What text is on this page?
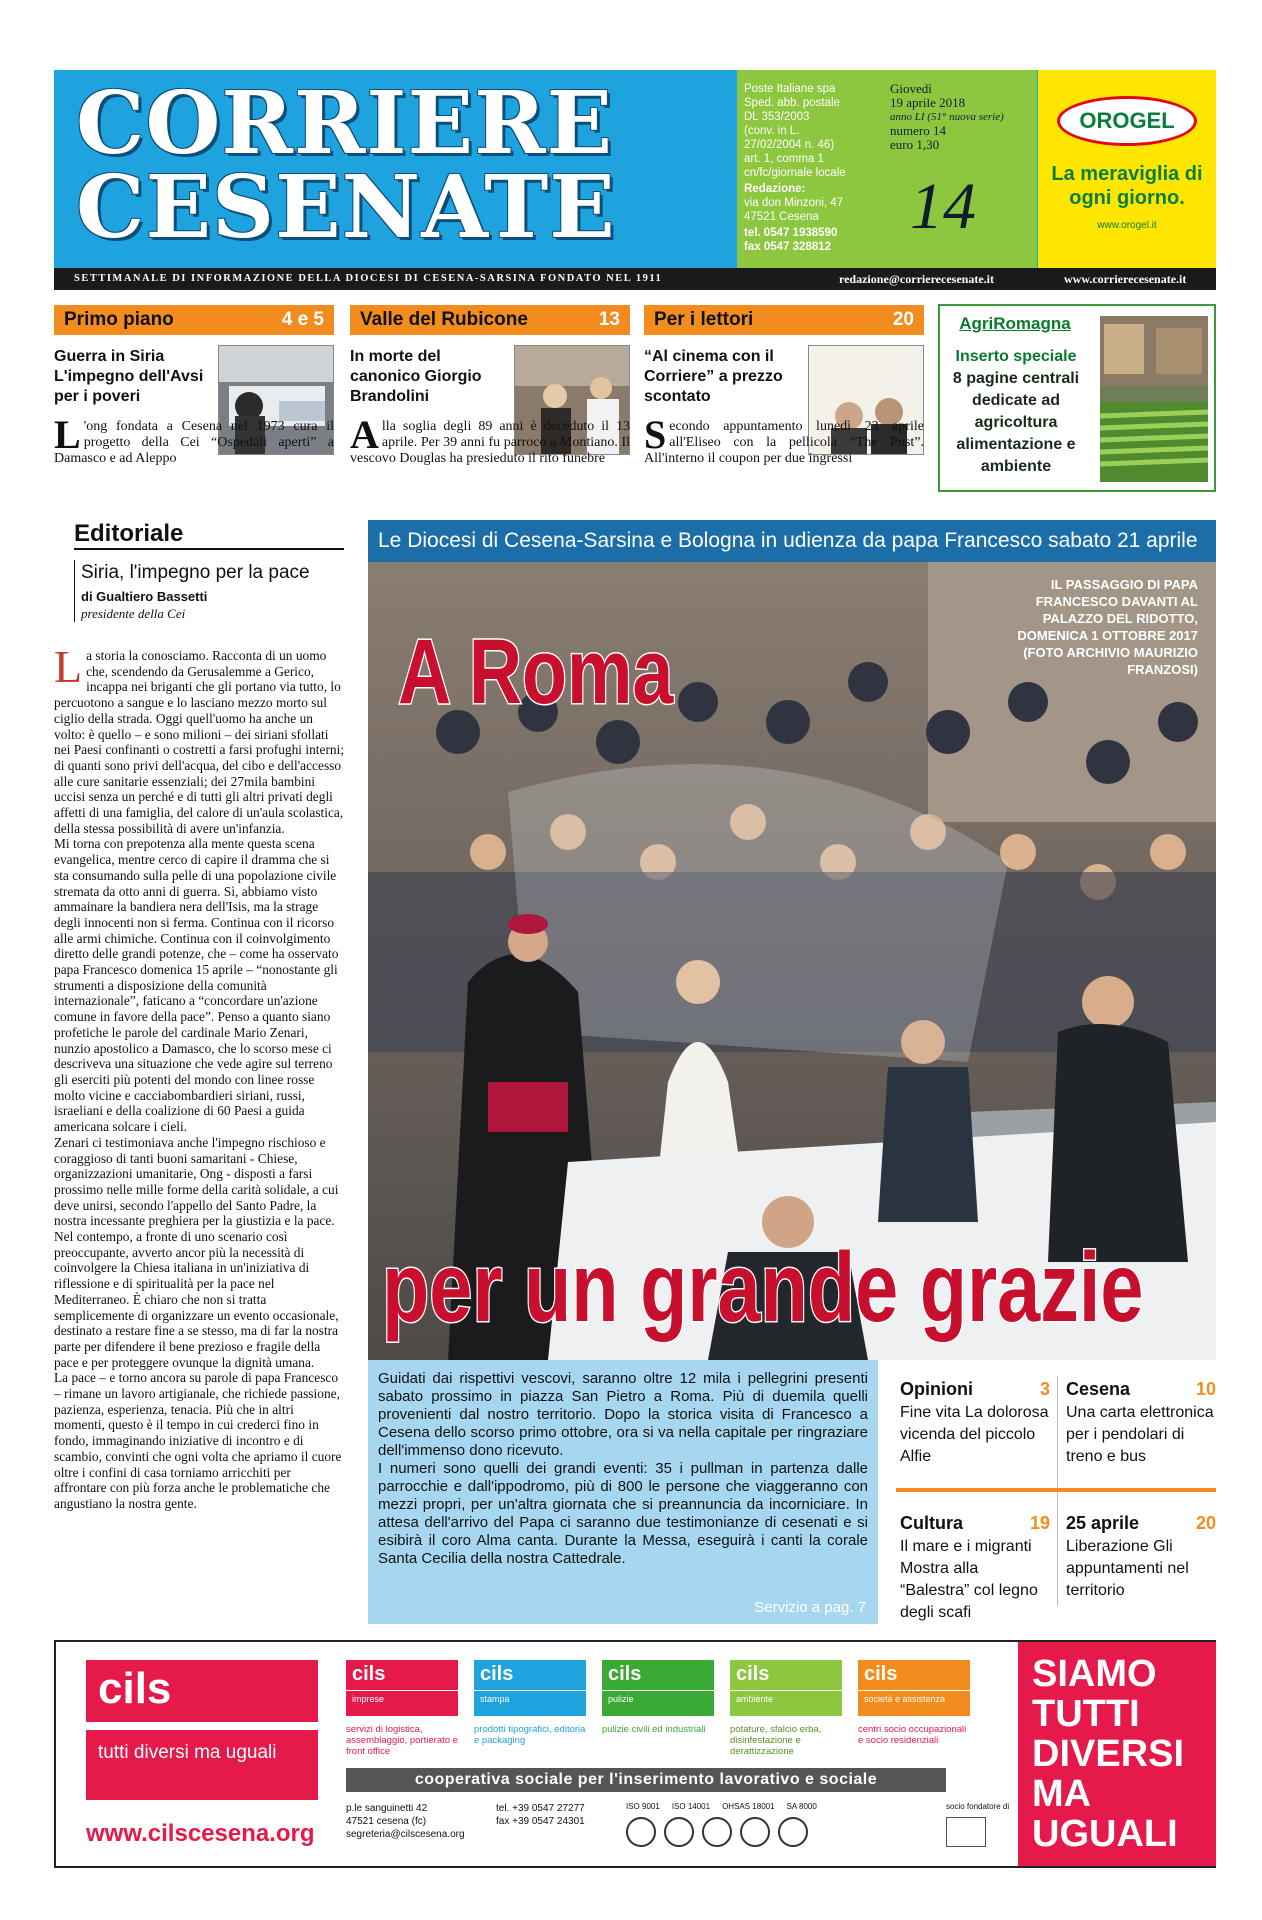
CORRIERE
CESENATE
Poste Italiane spa
Sped. abb. postale
DL 353/2003
(conv. in L.
27/02/2004 n. 46)
art. 1, comma 1
cn/fc/giornale locale
Redazione:
via don Minzoni, 47
47521 Cesena
tel. 0547 1938590
fax 0547 328812
Giovedì
19 aprile 2018
anno LI (51° nuova serie)
numero 14
euro 1,30
14
OROGEL
La meraviglia di ogni giorno.
www.orogel.it
SETTIMANALE DI INFORMAZIONE DELLA DIOCESI DI CESENA-SARSINA FONDATO NEL 1911	redazione@corrierecesenate.it	www.corrierecesenate.it
Primo piano	4 e 5
Guerra in Siria L'impegno dell'Avsi per i poveri
L 'ong fondata a Cesena nel 1973 cura il progetto della Cei “Ospedali aperti” a Damasco e ad Aleppo
Valle del Rubicone	13
In morte del canonico Giorgio Brandolini
Alla soglia degli 89 anni è deceduto il 13 aprile. Per 39 anni fu parroco a Montiano. Il vescovo Douglas ha presieduto il rito funebre
Per i lettori	20
“Al cinema con il Corriere” a prezzo scontato
Secondo appuntamento lunedì 23 aprile all'Eliseo con la pellicola “The Post”. All'interno il coupon per due ingressi
AgriRomagna
Inserto speciale
8 pagine centrali dedicate ad agricoltura alimentazione e ambiente
Editoriale
Siria, l'impegno per la pace
di Gualtiero Bassetti
presidente della Cei

La storia la conosciamo. Racconta di un uomo che, scendendo da Gerusalemme a Gerico, incappa nei briganti che gli portano via tutto, lo percuotono a sangue e lo lasciano mezzo morto sul ciglio della strada. Oggi quell'uomo ha anche un volto: è quello – e sono milioni – dei siriani sfollati nei Paesi confinanti o costretti a farsi profughi interni; di quanti sono privi dell'acqua, del cibo e dell'accesso alle cure sanitarie essenziali; dei 27mila bambini uccisi senza un perché e di tutti gli altri privati degli affetti di una famiglia, del calore di un'aula scolastica, della stessa possibilità di avere un'infanzia.

Mi torna con prepotenza alla mente questa scena evangelica, mentre cerco di capire il dramma che si sta consumando sulla pelle di una popolazione civile stremata da otto anni di guerra. Sì, abbiamo visto ammainare la bandiera nera dell'Isis, ma la strage degli innocenti non si ferma. Continua con il ricorso alle armi chimiche. Continua con il coinvolgimento diretto delle grandi potenze, che – come ha osservato papa Francesco domenica 15 aprile – “nonostante gli strumenti a disposizione della comunità internazionale”, faticano a “concordare un'azione comune in favore della pace”. Penso a quanto siano profetiche le parole del cardinale Mario Zenari, nunzio apostolico a Damasco, che lo scorso mese ci descriveva una situazione che vede agire sul terreno gli eserciti più potenti del mondo con linee rosse molto vicine e cacciabombardieri siriani, russi, israeliani e della coalizione di 60 Paesi a guida americana solcare i cieli.

Zenari ci testimoniava anche l'impegno rischioso e coraggioso di tanti buoni samaritani - Chiese, organizzazioni umanitarie, Ong - disposti a farsi prossimo nelle mille forme della carità solidale, a cui deve unirsi, secondo l'appello del Santo Padre, la nostra incessante preghiera per la giustizia e la pace.

Nel contempo, a fronte di uno scenario così preoccupante, avverto ancor più la necessità di coinvolgere la Chiesa italiana in un'iniziativa di riflessione e di spiritualità per la pace nel Mediterraneo. È chiaro che non si tratta semplicemente di organizzare un evento occasionale, destinato a restare fine a se stesso, ma di far la nostra parte per difendere il bene prezioso e fragile della pace e per proteggere ovunque la dignità umana.

La pace – e torno ancora su parole di papa Francesco – rimane un lavoro artigianale, che richiede passione, pazienza, esperienza, tenacia. Più che in altri momenti, questo è il tempo in cui crederci fino in fondo, immaginando iniziative di incontro e di scambio, convinti che ogni volta che apriamo il cuore oltre i confini di casa torniamo arricchiti per affrontare con più forza anche le problematiche che angustiano la nostra gente.

Le Diocesi di Cesena-Sarsina e Bologna in udienza da papa Francesco sabato 21 aprile
A Roma
IL PASSAGGIO DI PAPA FRANCESCO DAVANTI AL PALAZZO DEL RIDOTTO, DOMENICA 1 OTTOBRE 2017 (FOTO ARCHIVIO MAURIZIO FRANZOSI)
per un grande grazie

Guidati dai rispettivi vescovi, saranno oltre 12 mila i pellegrini presenti sabato prossimo in piazza San Pietro a Roma. Più di duemila quelli provenienti dal nostro territorio. Dopo la storica visita di Francesco a Cesena dello scorso primo ottobre, ora si va nella capitale per ringraziare dell'immenso dono ricevuto.

I numeri sono quelli dei grandi eventi: 35 i pullman in partenza dalle parrocchie e dall'ippodromo, più di 800 le persone che viaggeranno con mezzi propri, per un'altra giornata che si preannuncia da incorniciare. In attesa dell'arrivo del Papa ci saranno due testimonianze di cesenati e si esibirà il coro Alma canta. Durante la Messa, eseguirà i canti la corale Santa Cecilia della nostra Cattedrale.

Servizio a pag. 7
Opinioni	3
Fine vita La dolorosa vicenda del piccolo Alfie
Cesena	10
Una carta elettronica per i pendolari di treno e bus
Cultura	19
Il mare e i migranti Mostra alla “Balestra” col legno degli scafi
25 aprile	20
Liberazione Gli appuntamenti nel territorio
cils
tutti diversi ma uguali
www.cilscesena.org
cils
imprese
servizi di logistica, assemblaggio, portierato e front office
cils
stampa
prodotti tipografici, editoria e packaging
cils
pulizie
pulizie civili ed industriali
cils
ambiente
potature, sfalcio erba, disinfestazione e derattizzazione
cils
società e assistenza
centri socio occupazionali e socio residenziali
cooperativa sociale per l'inserimento lavorativo e sociale
p.le sanguinetti 42
47521 cesena (fc)
segreteria@cilscesena.org
tel. +39 0547 27277
fax +39 0547 24301
ISO 9001 ISO 14001 OHSAS 18001 SA 8000	socio fondatore di
SIAMO TUTTI DIVERSI MA UGUALI
